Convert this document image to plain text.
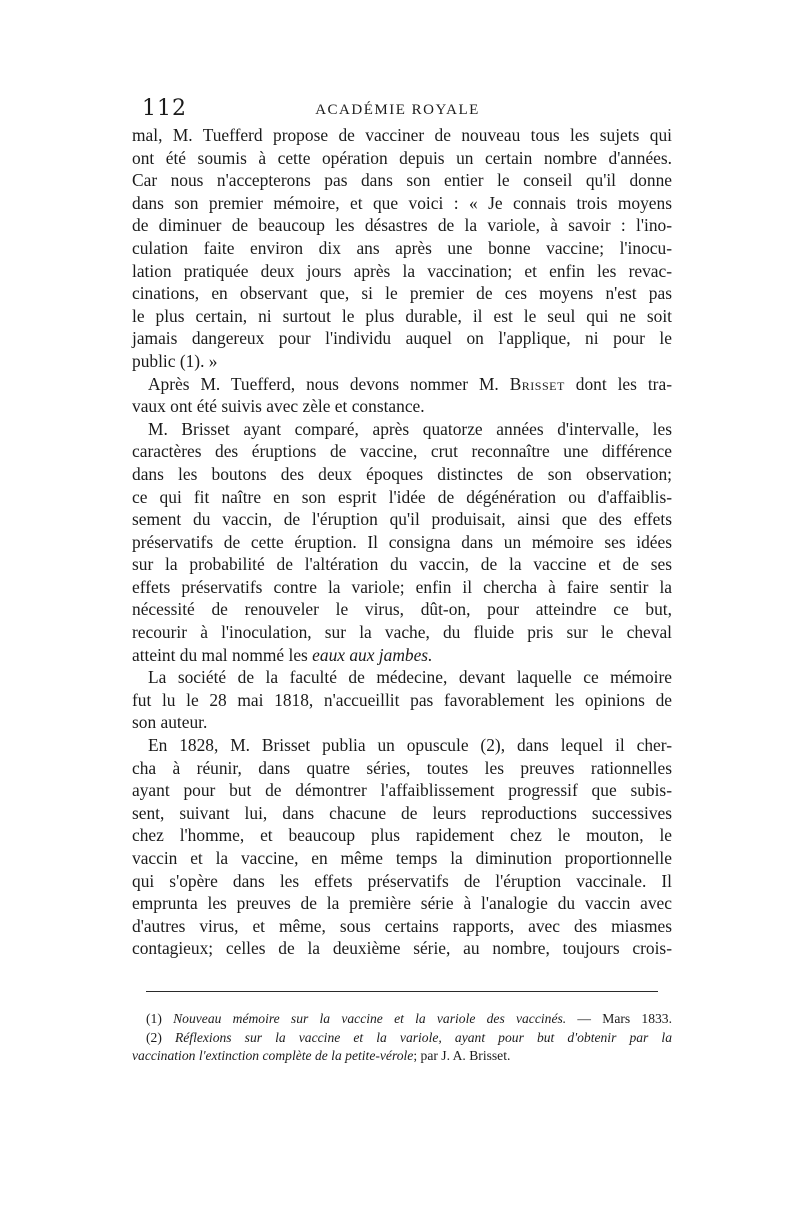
112	ACADÉMIE ROYALE
mal, M. Tuefferd propose de vacciner de nouveau tous les sujets qui
ont été soumis à cette opération depuis un certain nombre d'années.
Car nous n'accepterons pas dans son entier le conseil qu'il donne
dans son premier mémoire, et que voici : « Je connais trois moyens
de diminuer de beaucoup les désastres de la variole, à savoir : l'ino-
culation faite environ dix ans après une bonne vaccine; l'inocu-
lation pratiquée deux jours après la vaccination; et enfin les revac-
cinations, en observant que, si le premier de ces moyens n'est pas
le plus certain, ni surtout le plus durable, il est le seul qui ne soit
jamais dangereux pour l'individu auquel on l'applique, ni pour le
public (1). »
Après M. Tuefferd, nous devons nommer M. Brisset dont les tra-
vaux ont été suivis avec zèle et constance.
M. Brisset ayant comparé, après quatorze années d'intervalle, les
caractères des éruptions de vaccine, crut reconnaître une différence
dans les boutons des deux époques distinctes de son observation;
ce qui fit naître en son esprit l'idée de dégénération ou d'affaiblis-
sement du vaccin, de l'éruption qu'il produisait, ainsi que des effets
préservatifs de cette éruption. Il consigna dans un mémoire ses idées
sur la probabilité de l'altération du vaccin, de la vaccine et de ses
effets préservatifs contre la variole; enfin il chercha à faire sentir la
nécessité de renouveler le virus, dût-on, pour atteindre ce but,
recourir à l'inoculation, sur la vache, du fluide pris sur le cheval
atteint du mal nommé les eaux aux jambes.
La société de la faculté de médecine, devant laquelle ce mémoire
fut lu le 28 mai 1818, n'accueillit pas favorablement les opinions de
son auteur.
En 1828, M. Brisset publia un opuscule (2), dans lequel il cher-
cha à réunir, dans quatre séries, toutes les preuves rationnelles
ayant pour but de démontrer l'affaiblissement progressif que subis-
sent, suivant lui, dans chacune de leurs reproductions successives
chez l'homme, et beaucoup plus rapidement chez le mouton, le
vaccin et la vaccine, en même temps la diminution proportionnelle
qui s'opère dans les effets préservatifs de l'éruption vaccinale. Il
emprunta les preuves de la première série à l'analogie du vaccin avec
d'autres virus, et même, sous certains rapports, avec des miasmes
contagieux; celles de la deuxième série, au nombre, toujours crois-
(1) Nouveau mémoire sur la vaccine et la variole des vaccinés. — Mars 1833.
(2) Réflexions sur la vaccine et la variole, ayant pour but d'obtenir par la
vaccination l'extinction complète de la petite-vérole; par J. A. Brisset.
